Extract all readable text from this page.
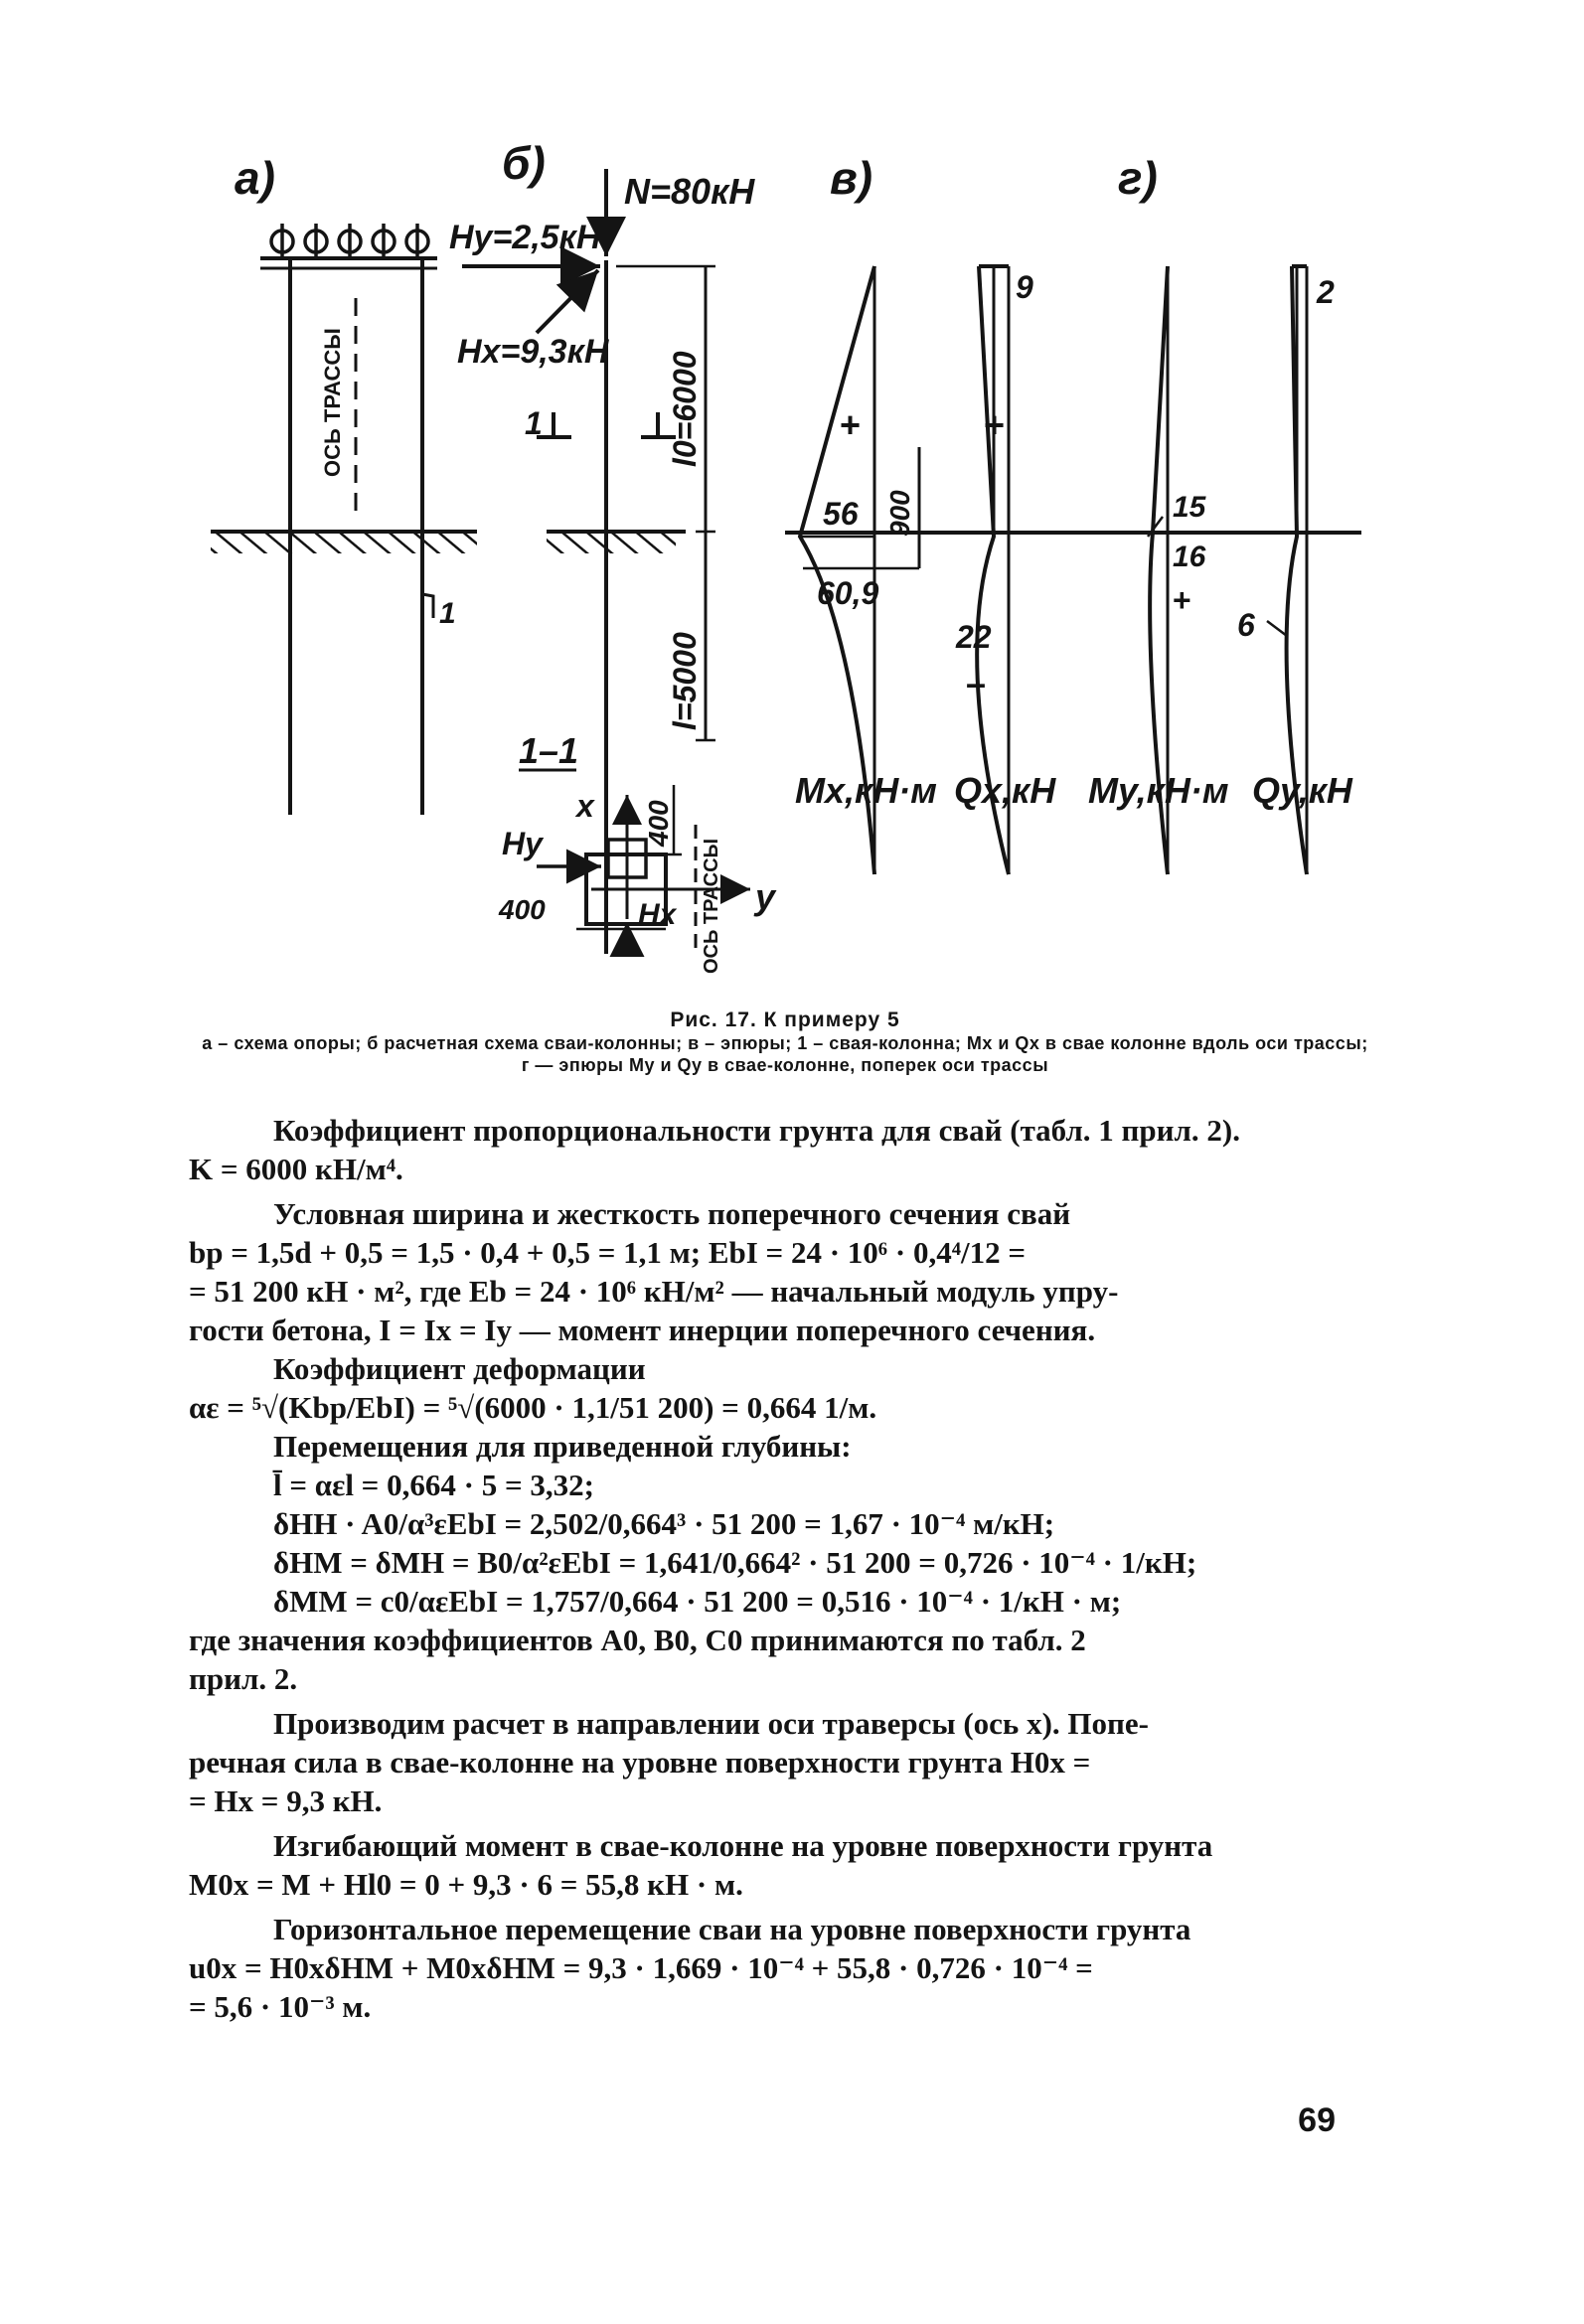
а)	б)	в)	г)
ОСЬ ТРАССЫ
1
N=80кН
Hy=2,5кН
Hx=9,3кН
1	l0=6000
l=5000
1–1
x
y
400
400
Hy
Hx ОСЬ ТРАССЫ
+
56
60,9
900
9
+
22
–
15
16
+
2
6
Mx,кН·м Qx,кН My,кН·м Qy,кН
Рис. 17. К примеру 5
а – схема опоры; б расчетная схема сваи-колонны; в – эпюры; 1 – свая-колонна; Mx и Qx в свае колонне вдоль оси трассы; г — эпюры My и Qy в свае-колонне, поперек оси трассы

Коэффициент пропорциональности грунта для свай (табл. 1 прил. 2).

K = 6000 кН/м⁴.

Условная ширина и жесткость поперечного сечения свай

bp = 1,5d + 0,5 = 1,5 · 0,4 + 0,5 = 1,1 м; EbI = 24 · 10⁶ · 0,4⁴/12 =

= 51 200 кН · м², где Eb = 24 · 10⁶ кН/м² — начальный модуль упру-

гости бетона, I = Ix = Iy — момент инерции поперечного сечения.

Коэффициент деформации

αε = ⁵√(Kbp/EbI) = ⁵√(6000 · 1,1/51 200) = 0,664 1/м.

Перемещения для приведенной глубины:

l̄ = αεl = 0,664 · 5 = 3,32;

δHH · A0/α³εEbI = 2,502/0,664³ · 51 200 = 1,67 · 10⁻⁴ м/кН;

δHM = δMH = B0/α²εEbI = 1,641/0,664² · 51 200 = 0,726 · 10⁻⁴ · 1/кН;

δMM = c0/αεEbI = 1,757/0,664 · 51 200 = 0,516 · 10⁻⁴ · 1/кН · м;

где значения коэффициентов A0, B0, C0 принимаются по табл. 2

прил. 2.

Производим расчет в направлении оси траверсы (ось x). Попе-

речная сила в свае-колонне на уровне поверхности грунта H0x =

= Hx = 9,3 кН.

Изгибающий момент в свае-колонне на уровне поверхности грунта

M0x = M + Hl0 = 0 + 9,3 · 6 = 55,8 кН · м.

Горизонтальное перемещение сваи на уровне поверхности грунта

u0x = H0xδHM + M0xδHM = 9,3 · 1,669 · 10⁻⁴ + 55,8 · 0,726 · 10⁻⁴ =

= 5,6 · 10⁻³ м.

69
